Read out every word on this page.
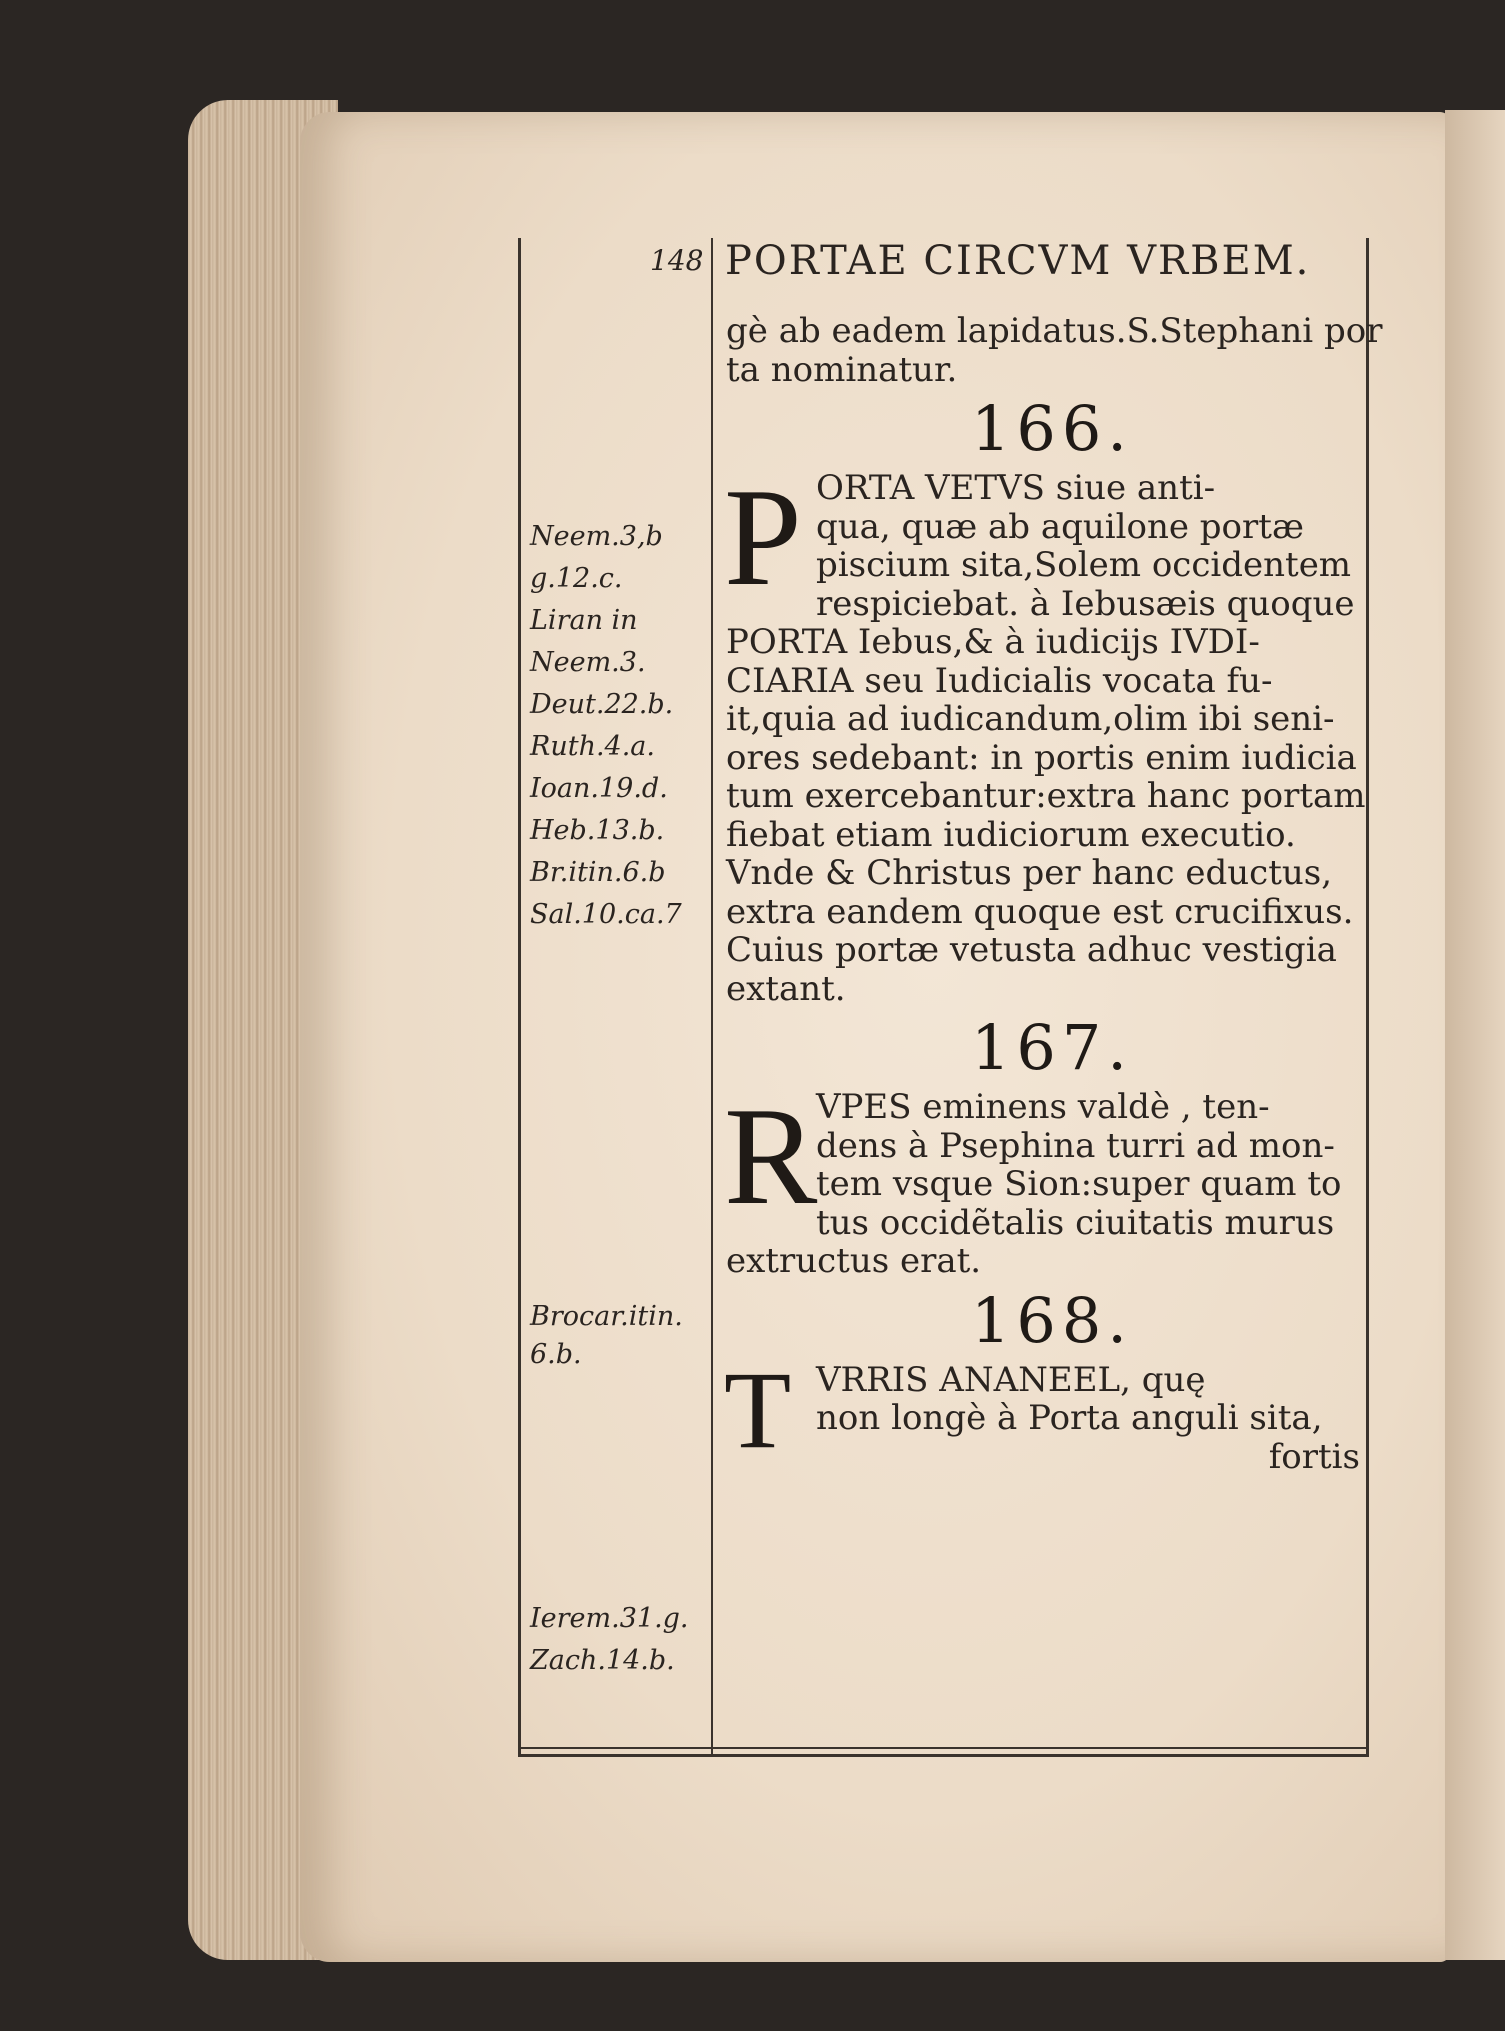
148 PORTAE CIRCVM VRBEM.
Neem.3,b
g.12.c.
Liran in
Neem.3.
Deut.22.b.
Ruth.4.a.
Ioan.19.d.
Heb.13.b.
Br.itin.6.b
Sal.10.ca.7
Brocar.itin.
6.b.
Ierem.31.g.
Zach.14.b.
gè ab eadem lapidatus.S.Stephani por
ta nominatur.
166.
P ORTA VETVS siue anti-
qua, quæ ab aquilone portæ
piscium sita,Solem occidentem
respiciebat. à Iebusæis quoque
PORTA Iebus,& à iudicijs IVDI-
CIARIA seu Iudicialis vocata fu-
it,quia ad iudicandum,olim ibi seni-
ores sedebant: in portis enim iudicia
tum exercebantur:extra hanc portam
fiebat etiam iudiciorum executio.
Vnde & Christus per hanc eductus,
extra eandem quoque est crucifixus.
Cuius portæ vetusta adhuc vestigia
extant.
167.
R
VPES eminens valdè , ten-
dens à Psephina turri ad mon-
tem vsque Sion:super quam to
tus occidẽtalis ciuitatis murus
extructus erat.
168.
T VRRIS ANANEEL, quę
non longè à Porta anguli sita,
fortis
